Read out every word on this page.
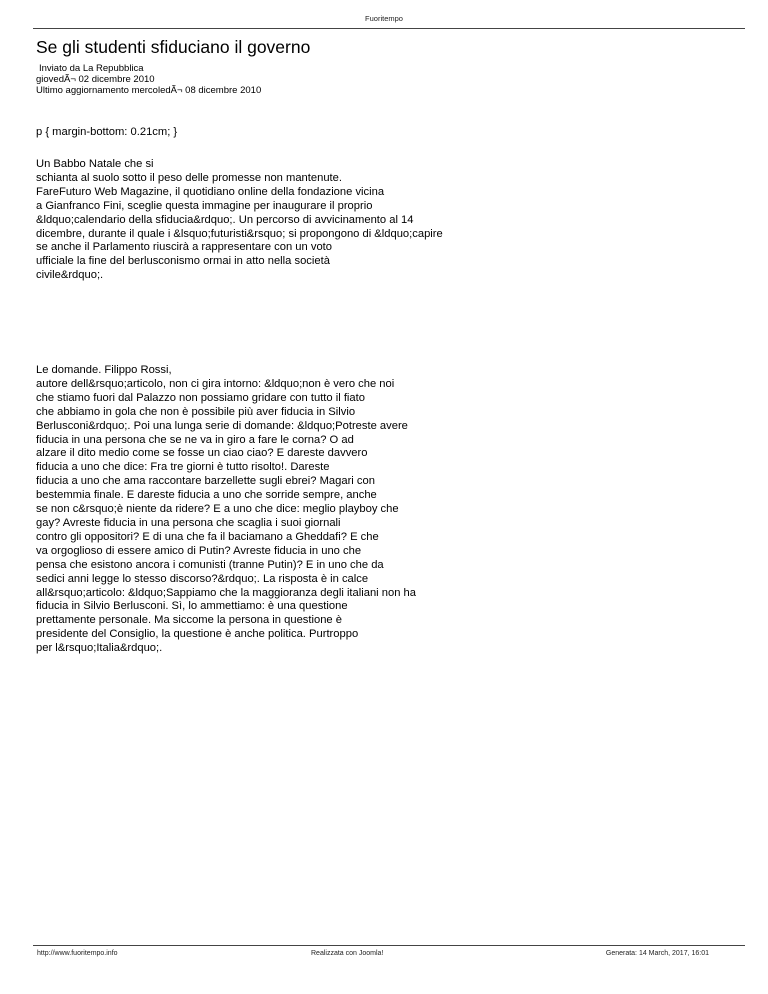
Fuoritempo
Se gli studenti sfiduciano il governo
Inviato da La Repubblica
giovedÃ¬ 02 dicembre 2010
Ultimo aggiornamento mercoledÃ¬ 08 dicembre 2010
p { margin-bottom: 0.21cm; }
Un Babbo Natale che si
schianta al suolo sotto il peso delle promesse non mantenute.
FareFuturo Web Magazine, il quotidiano online della fondazione vicina
a Gianfranco Fini, sceglie questa immagine per inaugurare il proprio
&ldquo;calendario della sfiducia&rdquo;. Un percorso di avvicinamento al 14
dicembre, durante il quale i &lsquo;futuristi&rsquo; si propongono di &ldquo;capire
se anche il Parlamento riuscirà a rappresentare con un voto
ufficiale la fine del berlusconismo ormai in atto nella società
civile&rdquo;.
Le domande. Filippo Rossi,
autore dell&rsquo;articolo, non ci gira intorno: &ldquo;non è vero che noi
che stiamo fuori dal Palazzo non possiamo gridare con tutto il fiato
che abbiamo in gola che non è possibile più aver fiducia in Silvio
Berlusconi&rdquo;. Poi una lunga serie di domande: &ldquo;Potreste avere
fiducia in una persona che se ne va in giro a fare le corna? O ad
alzare il dito medio come se fosse un ciao ciao? E dareste davvero
fiducia a uno che dice: Fra tre giorni è tutto risolto!. Dareste
fiducia a uno che ama raccontare barzellette sugli ebrei? Magari con
bestemmia finale. E dareste fiducia a uno che sorride sempre, anche
se non c&rsquo;è niente da ridere? E a uno che dice: meglio playboy che
gay? Avreste fiducia in una persona che scaglia i suoi giornali
contro gli oppositori? E di una che fa il baciamano a Gheddafi? E che
va orgoglioso di essere amico di Putin? Avreste fiducia in uno che
pensa che esistono ancora i comunisti (tranne Putin)? E in uno che da
sedici anni legge lo stesso discorso?&rdquo;. La risposta è in calce
all&rsquo;articolo: &ldquo;Sappiamo che la maggioranza degli italiani non ha
fiducia in Silvio Berlusconi. Sì, lo ammettiamo: è una questione
prettamente personale. Ma siccome la persona in questione è
presidente del Consiglio, la questione è anche politica. Purtroppo
per l&rsquo;Italia&rdquo;.
http://www.fuoritempo.info	Realizzata con Joomla!	Generata: 14 March, 2017, 16:01
